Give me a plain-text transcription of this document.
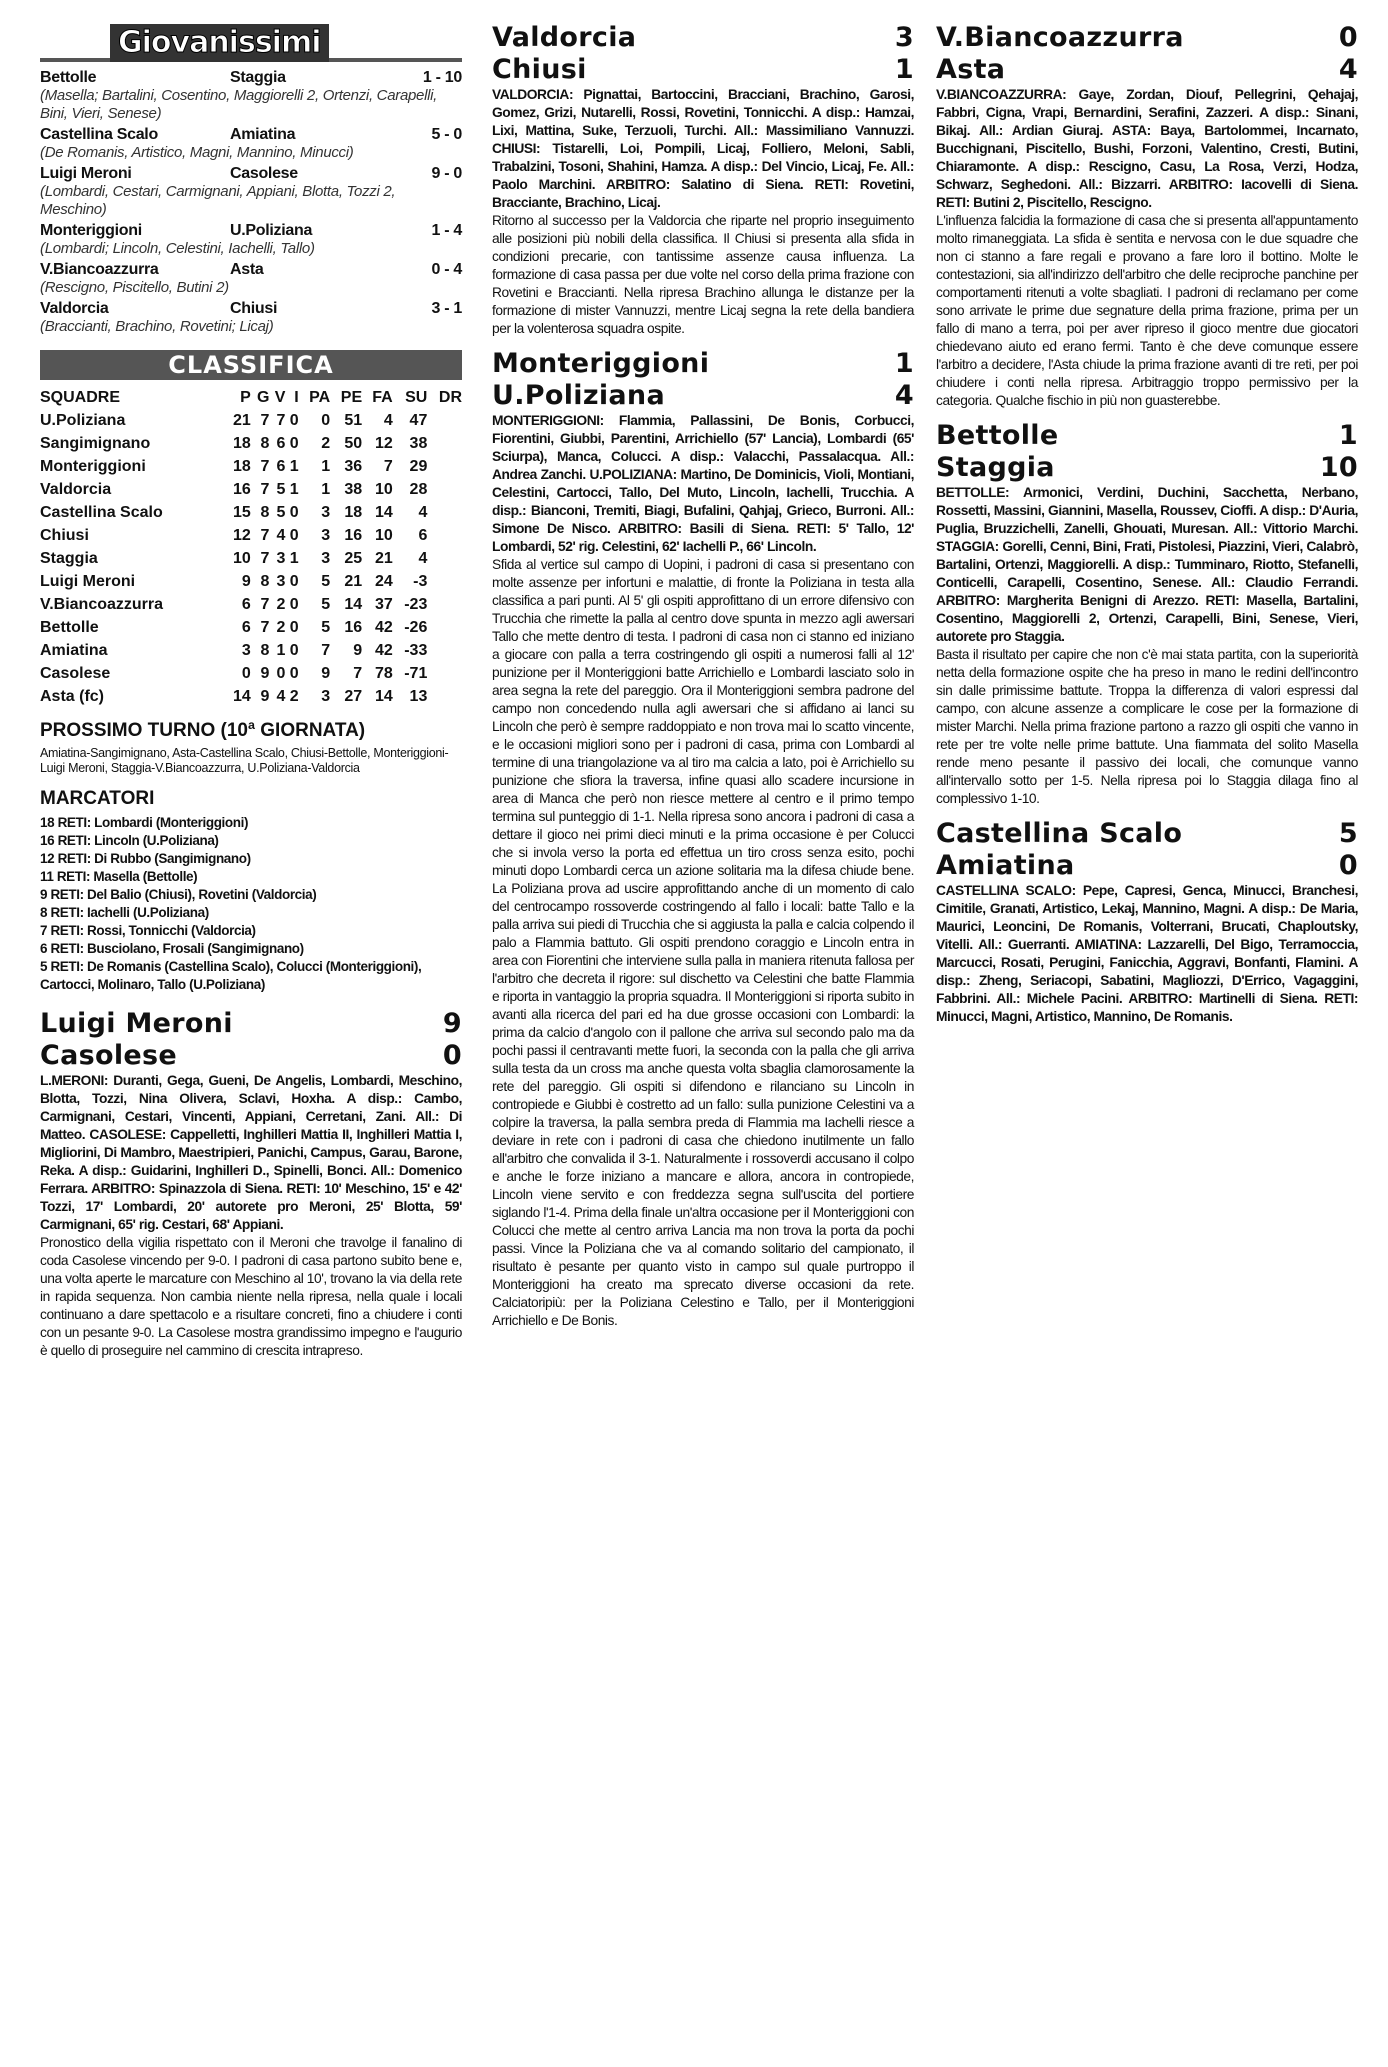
Giovanissimi
Bettolle	Staggia	1 - 10
(Masella; Bartalini, Cosentino, Maggiorelli 2, Ortenzi, Carapelli, Bini, Vieri, Senese)
Castellina Scalo	Amiatina	5 - 0
(De Romanis, Artistico, Magni, Mannino, Minucci)
Luigi Meroni	Casolese	9 - 0
(Lombardi, Cestari, Carmignani, Appiani, Blotta, Tozzi 2, Meschino)
Monteriggioni	U.Poliziana	1 - 4
(Lombardi; Lincoln, Celestini, Iachelli, Tallo)
V.Biancoazzurra	Asta	0 - 4
(Rescigno, Piscitello, Butini 2)
Valdorcia	Chiusi	3 - 1
(Braccianti, Brachino, Rovetini; Licaj)
CLASSIFICA
SQUADRE	P	G	V	I	PA	PE	FA	SU	DR
U.Poliziana	21	7	7	0	0	51	4	47	
Sangimignano	18	8	6	0	2	50	12	38	
Monteriggioni	18	7	6	1	1	36	7	29	
Valdorcia	16	7	5	1	1	38	10	28	
Castellina Scalo	15	8	5	0	3	18	14	4	
Chiusi	12	7	4	0	3	16	10	6	
Staggia	10	7	3	1	3	25	21	4	
Luigi Meroni	9	8	3	0	5	21	24	-3	
V.Biancoazzurra	6	7	2	0	5	14	37	-23	
Bettolle	6	7	2	0	5	16	42	-26	
Amiatina	3	8	1	0	7	9	42	-33	
Casolese	0	9	0	0	9	7	78	-71	
Asta (fc)	14	9	4	2	3	27	14	13	
PROSSIMO TURNO (10ª GIORNATA)
Amiatina-Sangimignano, Asta-Castellina Scalo, Chiusi-Bettolle, Monteriggioni-Luigi Meroni, Staggia-V.Biancoazzurra, U.Poliziana-Valdorcia
MARCATORI
18 RETI: Lombardi (Monteriggioni)
16 RETI: Lincoln (U.Poliziana)
12 RETI: Di Rubbo (Sangimignano)
11 RETI: Masella (Bettolle)
9 RETI: Del Balio (Chiusi), Rovetini (Valdorcia)
8 RETI: Iachelli (U.Poliziana)
7 RETI: Rossi, Tonnicchi (Valdorcia)
6 RETI: Busciolano, Frosali (Sangimignano)
5 RETI: De Romanis (Castellina Scalo), Colucci (Monteriggioni), Cartocci, Molinaro, Tallo (U.Poliziana)
Luigi Meroni	9
Casolese	0
L.MERONI: Duranti, Gega, Gueni, De Angelis, Lombardi, Meschino, Blotta, Tozzi, Nina Olivera, Sclavi, Hoxha. A disp.: Cambo, Carmignani, Cestari, Vincenti, Appiani, Cerretani, Zani. All.: Di Matteo. CASOLESE: Cappelletti, Inghilleri Mattia II, Inghilleri Mattia I, Migliorini, Di Mambro, Maestripieri, Panichi, Campus, Garau, Barone, Reka. A disp.: Guidarini, Inghilleri D., Spinelli, Bonci. All.: Domenico Ferrara. ARBITRO: Spinazzola di Siena. RETI: 10' Meschino, 15' e 42' Tozzi, 17' Lombardi, 20' autorete pro Meroni, 25' Blotta, 59' Carmignani, 65' rig. Cestari, 68' Appiani.
Pronostico della vigilia rispettato con il Meroni che travolge il fanalino di coda Casolese vincendo per 9-0. I padroni di casa partono subito bene e, una volta aperte le marcature con Meschino al 10', trovano la via della rete in rapida sequenza. Non cambia niente nella ripresa, nella quale i locali continuano a dare spettacolo e a risultare concreti, fino a chiudere i conti con un pesante 9-0. La Casolese mostra grandissimo impegno e l'augurio è quello di proseguire nel cammino di crescita intrapreso.
Valdorcia	3
Chiusi	1
VALDORCIA: Pignattai, Bartoccini, Bracciani, Brachino, Garosi, Gomez, Grizi, Nutarelli, Rossi, Rovetini, Tonnicchi. A disp.: Hamzai, Lixi, Mattina, Suke, Terzuoli, Turchi. All.: Massimiliano Vannuzzi. CHIUSI: Tistarelli, Loi, Pompili, Licaj, Folliero, Meloni, Sabli, Trabalzini, Tosoni, Shahini, Hamza. A disp.: Del Vincio, Licaj, Fe. All.: Paolo Marchini. ARBITRO: Salatino di Siena. RETI: Rovetini, Bracciante, Brachino, Licaj.
Ritorno al successo per la Valdorcia che riparte nel proprio inseguimento alle posizioni più nobili della classifica. Il Chiusi si presenta alla sfida in condizioni precarie, con tantissime assenze causa influenza. La formazione di casa passa per due volte nel corso della prima frazione con Rovetini e Braccianti. Nella ripresa Brachino allunga le distanze per la formazione di mister Vannuzzi, mentre Licaj segna la rete della bandiera per la volenterosa squadra ospite.
Monteriggioni	1
U.Poliziana	4
MONTERIGGIONI: Flammia, Pallassini, De Bonis, Corbucci, Fiorentini, Giubbi, Parentini, Arrichiello (57' Lancia), Lombardi (65' Sciurpa), Manca, Colucci. A disp.: Valacchi, Passalacqua. All.: Andrea Zanchi. U.POLIZIANA: Martino, De Dominicis, Violi, Montiani, Celestini, Cartocci, Tallo, Del Muto, Lincoln, Iachelli, Trucchia. A disp.: Bianconi, Tremiti, Biagi, Bufalini, Qahjaj, Grieco, Burroni. All.: Simone De Nisco. ARBITRO: Basili di Siena. RETI: 5' Tallo, 12' Lombardi, 52' rig. Celestini, 62' Iachelli P., 66' Lincoln.
Sfida al vertice sul campo di Uopini, i padroni di casa si presentano con molte assenze per infortuni e malattie, di fronte la Poliziana in testa alla classifica a pari punti. Al 5' gli ospiti approfittano di un errore difensivo con Trucchia che rimette la palla al centro dove spunta in mezzo agli awersari Tallo che mette dentro di testa. I padroni di casa non ci stanno ed iniziano a giocare con palla a terra costringendo gli ospiti a numerosi falli al 12' punizione per il Monteriggioni batte Arrichiello e Lombardi lasciato solo in area segna la rete del pareggio. Ora il Monteriggioni sembra padrone del campo non concedendo nulla agli awersari che si affidano ai lanci su Lincoln che però è sempre raddoppiato e non trova mai lo scatto vincente, e le occasioni migliori sono per i padroni di casa, prima con Lombardi al termine di una triangolazione va al tiro ma calcia a lato, poi è Arrichiello su punizione che sfiora la traversa, infine quasi allo scadere incursione in area di Manca che però non riesce mettere al centro e il primo tempo termina sul punteggio di 1-1. Nella ripresa sono ancora i padroni di casa a dettare il gioco nei primi dieci minuti e la prima occasione è per Colucci che si invola verso la porta ed effettua un tiro cross senza esito, pochi minuti dopo Lombardi cerca un azione solitaria ma la difesa chiude bene. La Poliziana prova ad uscire approfittando anche di un momento di calo del centrocampo rossoverde costringendo al fallo i locali: batte Tallo e la palla arriva sui piedi di Trucchia che si aggiusta la palla e calcia colpendo il palo a Flammia battuto. Gli ospiti prendono coraggio e Lincoln entra in area con Fiorentini che interviene sulla palla in maniera ritenuta fallosa per l'arbitro che decreta il rigore: sul dischetto va Celestini che batte Flammia e riporta in vantaggio la propria squadra. Il Monteriggioni si riporta subito in avanti alla ricerca del pari ed ha due grosse occasioni con Lombardi: la prima da calcio d'angolo con il pallone che arriva sul secondo palo ma da pochi passi il centravanti mette fuori, la seconda con la palla che gli arriva sulla testa da un cross ma anche questa volta sbaglia clamorosamente la rete del pareggio. Gli ospiti si difendono e rilanciano su Lincoln in contropiede e Giubbi è costretto ad un fallo: sulla punizione Celestini va a colpire la traversa, la palla sembra preda di Flammia ma Iachelli riesce a deviare in rete con i padroni di casa che chiedono inutilmente un fallo all'arbitro che convalida il 3-1. Naturalmente i rossoverdi accusano il colpo e anche le forze iniziano a mancare e allora, ancora in contropiede, Lincoln viene servito e con freddezza segna sull'uscita del portiere siglando l'1-4. Prima della finale un'altra occasione per il Monteriggioni con Colucci che mette al centro arriva Lancia ma non trova la porta da pochi passi. Vince la Poliziana che va al comando solitario del campionato, il risultato è pesante per quanto visto in campo sul quale purtroppo il Monteriggioni ha creato ma sprecato diverse occasioni da rete. Calciatoripiù: per la Poliziana Celestino e Tallo, per il Monteriggioni Arrichiello e De Bonis.
V.Biancoazzurra	0
Asta	4
V.BIANCOAZZURRA: Gaye, Zordan, Diouf, Pellegrini, Qehajaj, Fabbri, Cigna, Vrapi, Bernardini, Serafini, Zazzeri. A disp.: Sinani, Bikaj. All.: Ardian Giuraj. ASTA: Baya, Bartolommei, Incarnato, Bucchignani, Piscitello, Bushi, Forzoni, Valentino, Cresti, Butini, Chiaramonte. A disp.: Rescigno, Casu, La Rosa, Verzi, Hodza, Schwarz, Seghedoni. All.: Bizzarri. ARBITRO: Iacovelli di Siena. RETI: Butini 2, Piscitello, Rescigno.
L'influenza falcidia la formazione di casa che si presenta all'appuntamento molto rimaneggiata. La sfida è sentita e nervosa con le due squadre che non ci stanno a fare regali e provano a fare loro il bottino. Molte le contestazioni, sia all'indirizzo dell'arbitro che delle reciproche panchine per comportamenti ritenuti a volte sbagliati. I padroni di reclamano per come sono arrivate le prime due segnature della prima frazione, prima per un fallo di mano a terra, poi per aver ripreso il gioco mentre due giocatori chiedevano aiuto ed erano fermi. Tanto è che deve comunque essere l'arbitro a decidere, l'Asta chiude la prima frazione avanti di tre reti, per poi chiudere i conti nella ripresa. Arbitraggio troppo permissivo per la categoria. Qualche fischio in più non guasterebbe.
Bettolle	1
Staggia	10
BETTOLLE: Armonici, Verdini, Duchini, Sacchetta, Nerbano, Rossetti, Massini, Giannini, Masella, Roussev, Cioffi. A disp.: D'Auria, Puglia, Bruzzichelli, Zanelli, Ghouati, Muresan. All.: Vittorio Marchi. STAGGIA: Gorelli, Cenni, Bini, Frati, Pistolesi, Piazzini, Vieri, Calabrò, Bartalini, Ortenzi, Maggiorelli. A disp.: Tumminaro, Riotto, Stefanelli, Conticelli, Carapelli, Cosentino, Senese. All.: Claudio Ferrandi. ARBITRO: Margherita Benigni di Arezzo. RETI: Masella, Bartalini, Cosentino, Maggiorelli 2, Ortenzi, Carapelli, Bini, Senese, Vieri, autorete pro Staggia.
Basta il risultato per capire che non c'è mai stata partita, con la superiorità netta della formazione ospite che ha preso in mano le redini dell'incontro sin dalle primissime battute. Troppa la differenza di valori espressi dal campo, con alcune assenze a complicare le cose per la formazione di mister Marchi. Nella prima frazione partono a razzo gli ospiti che vanno in rete per tre volte nelle prime battute. Una fiammata del solito Masella rende meno pesante il passivo dei locali, che comunque vanno all'intervallo sotto per 1-5. Nella ripresa poi lo Staggia dilaga fino al complessivo 1-10.
Castellina Scalo	5
Amiatina	0
CASTELLINA SCALO: Pepe, Capresi, Genca, Minucci, Branchesi, Cimitile, Granati, Artistico, Lekaj, Mannino, Magni. A disp.: De Maria, Maurici, Leoncini, De Romanis, Volterrani, Brucati, Chaploutsky, Vitelli. All.: Guerranti. AMIATINA: Lazzarelli, Del Bigo, Terramoccia, Marcucci, Rosati, Perugini, Fanicchia, Aggravi, Bonfanti, Flamini. A disp.: Zheng, Seriacopi, Sabatini, Magliozzi, D'Errico, Vagaggini, Fabbrini. All.: Michele Pacini. ARBITRO: Martinelli di Siena. RETI: Minucci, Magni, Artistico, Mannino, De Romanis.
